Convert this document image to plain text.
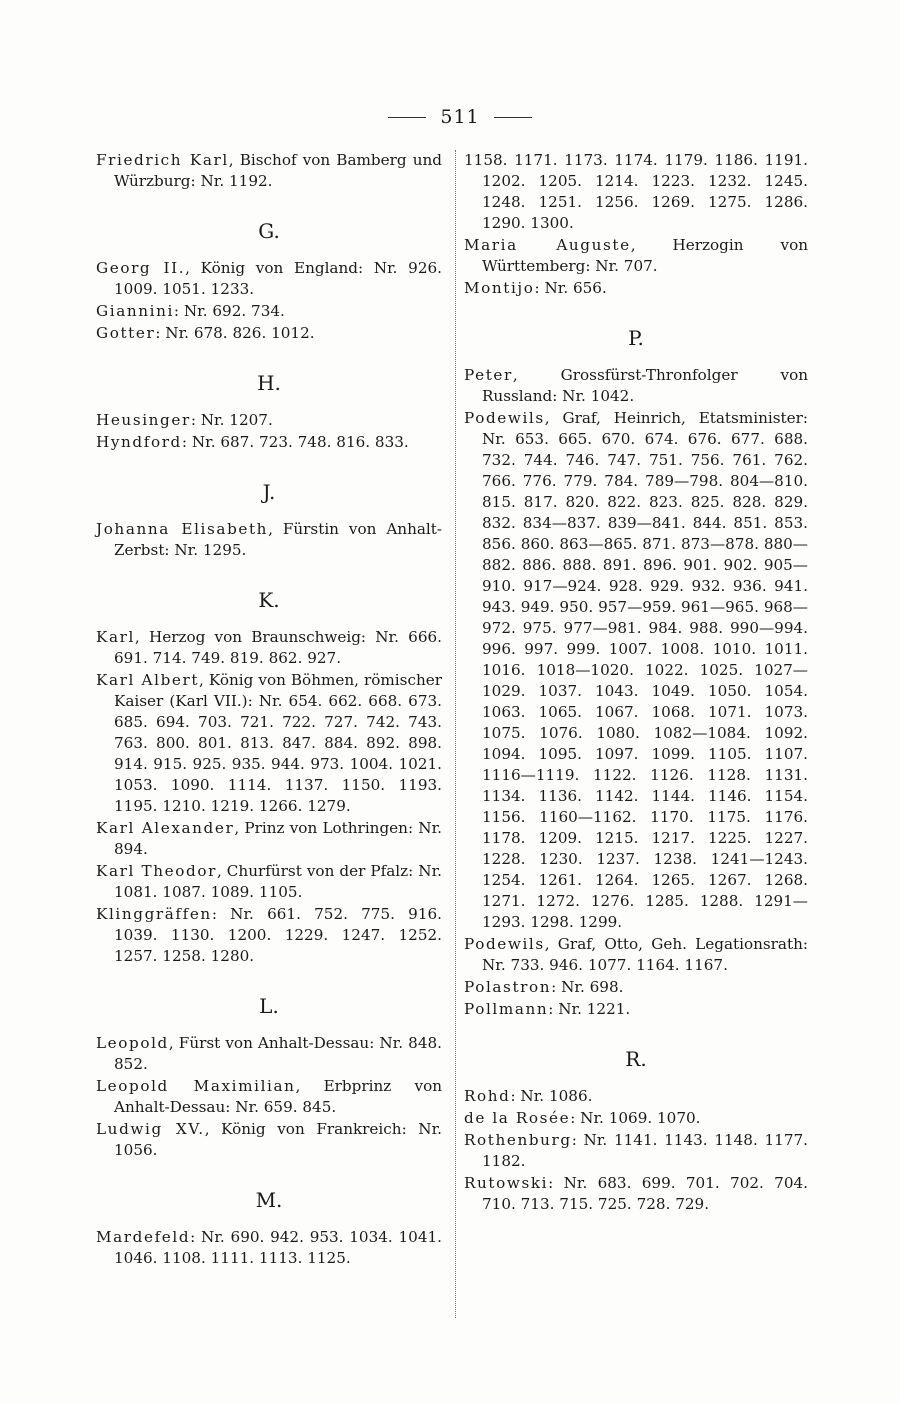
511

Friedrich Karl, Bischof von Bamberg und Würzburg: Nr. 1192.

G.

Georg II., König von England: Nr. 926. 1009. 1051. 1233.

Giannini: Nr. 692. 734.

Gotter: Nr. 678. 826. 1012.

H.

Heusinger: Nr. 1207.

Hyndford: Nr. 687. 723. 748. 816. 833.

J.

Johanna Elisabeth, Fürstin von Anhalt-Zerbst: Nr. 1295.

K.

Karl, Herzog von Braunschweig: Nr. 666. 691. 714. 749. 819. 862. 927.

Karl Albert, König von Böhmen, römischer Kaiser (Karl VII.): Nr. 654. 662. 668. 673. 685. 694. 703. 721. 722. 727. 742. 743. 763. 800. 801. 813. 847. 884. 892. 898. 914. 915. 925. 935. 944. 973. 1004. 1021. 1053. 1090. 1114. 1137. 1150. 1193. 1195. 1210. 1219. 1266. 1279.

Karl Alexander, Prinz von Lothringen: Nr. 894.

Karl Theodor, Churfürst von der Pfalz: Nr. 1081. 1087. 1089. 1105.

Klinggräffen: Nr. 661. 752. 775. 916. 1039. 1130. 1200. 1229. 1247. 1252. 1257. 1258. 1280.

L.

Leopold, Fürst von Anhalt-Dessau: Nr. 848. 852.

Leopold Maximilian, Erbprinz von Anhalt-Dessau: Nr. 659. 845.

Ludwig XV., König von Frankreich: Nr. 1056.

M.

Mardefeld: Nr. 690. 942. 953. 1034. 1041. 1046. 1108. 1111. 1113. 1125.

1158. 1171. 1173. 1174. 1179. 1186. 1191. 1202. 1205. 1214. 1223. 1232. 1245. 1248. 1251. 1256. 1269. 1275. 1286. 1290. 1300.

Maria Auguste, Herzogin von Württemberg: Nr. 707.

Montijo: Nr. 656.

P.

Peter, Grossfürst-Thronfolger von Russland: Nr. 1042.

Podewils, Graf, Heinrich, Etatsminister: Nr. 653. 665. 670. 674. 676. 677. 688. 732. 744. 746. 747. 751. 756. 761. 762. 766. 776. 779. 784. 789—798. 804—810. 815. 817. 820. 822. 823. 825. 828. 829. 832. 834—837. 839—841. 844. 851. 853. 856. 860. 863—865. 871. 873—878. 880—882. 886. 888. 891. 896. 901. 902. 905—910. 917—924. 928. 929. 932. 936. 941. 943. 949. 950. 957—959. 961—965. 968—972. 975. 977—981. 984. 988. 990—994. 996. 997. 999. 1007. 1008. 1010. 1011. 1016. 1018—1020. 1022. 1025. 1027—1029. 1037. 1043. 1049. 1050. 1054. 1063. 1065. 1067. 1068. 1071. 1073. 1075. 1076. 1080. 1082—1084. 1092. 1094. 1095. 1097. 1099. 1105. 1107. 1116—1119. 1122. 1126. 1128. 1131. 1134. 1136. 1142. 1144. 1146. 1154. 1156. 1160—1162. 1170. 1175. 1176. 1178. 1209. 1215. 1217. 1225. 1227. 1228. 1230. 1237. 1238. 1241—1243. 1254. 1261. 1264. 1265. 1267. 1268. 1271. 1272. 1276. 1285. 1288. 1291—1293. 1298. 1299.

Podewils, Graf, Otto, Geh. Legationsrath: Nr. 733. 946. 1077. 1164. 1167.

Polastron: Nr. 698.

Pollmann: Nr. 1221.

R.

Rohd: Nr. 1086.

de la Rosée: Nr. 1069. 1070.

Rothenburg: Nr. 1141. 1143. 1148. 1177. 1182.

Rutowski: Nr. 683. 699. 701. 702. 704. 710. 713. 715. 725. 728. 729.
